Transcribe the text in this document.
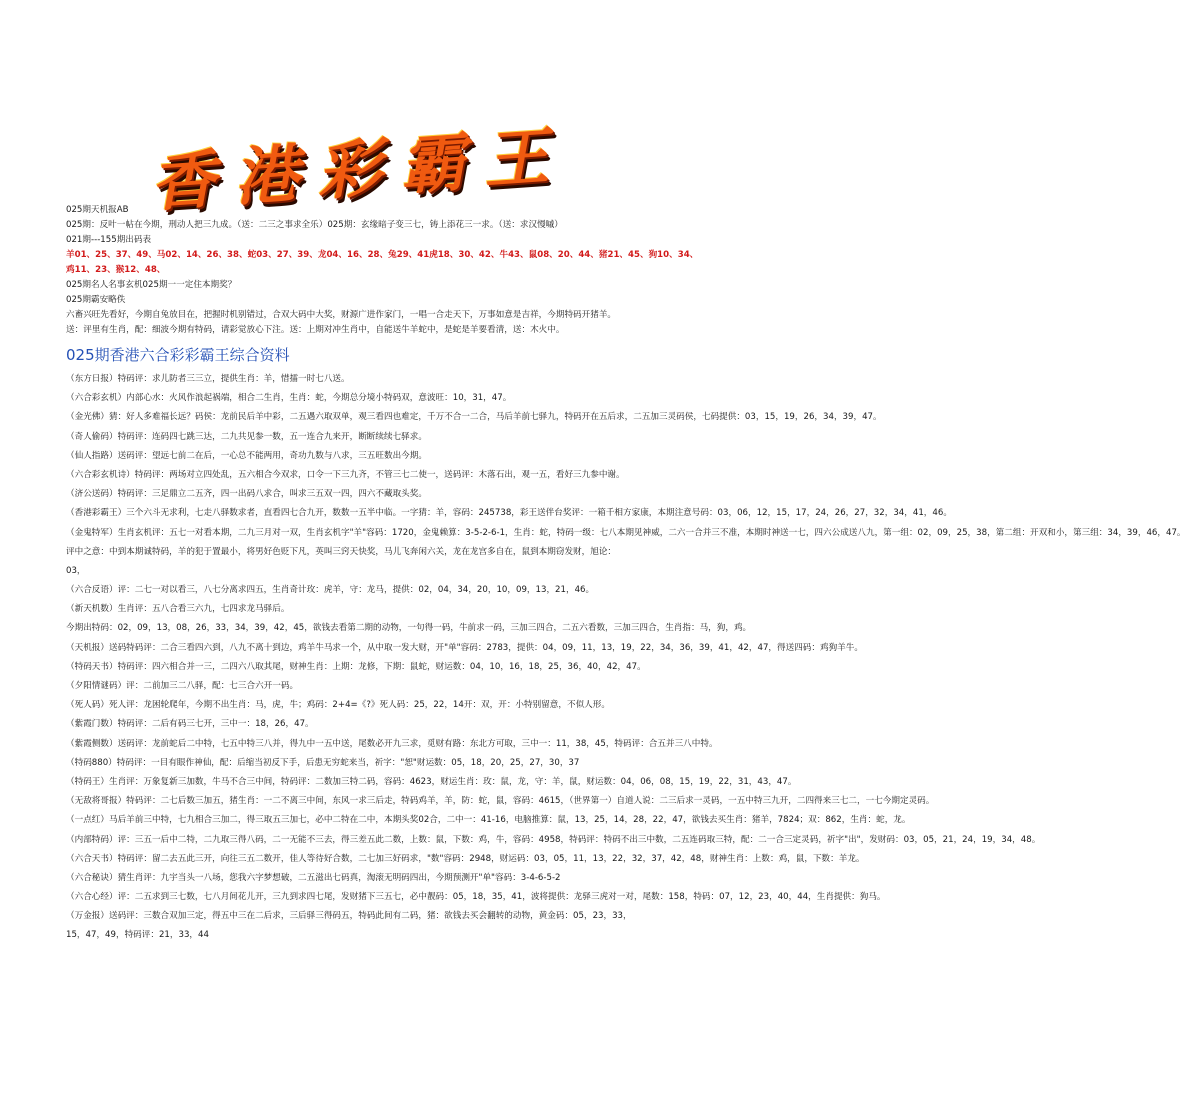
香港彩霸王
025期天机报AB
025期：反叶一帖在今期，刑动人把三九成。（送：二三之事求全乐）025期：玄缘暗子变三七，铸上添花三一求。（送：求汉慢嘁）
021期---155期出码表
羊01、25、37、49、马02、14、26、38、蛇03、27、39、龙04、16、28、兔29、41虎18、30、42、牛43、鼠08、20、44、猪21、45、狗10、34、
鸡11、23、猴12、48、
025期名人名事玄机025期一一定住本期奖？
025期霸安略佚
六畜兴旺先看好，今期自兔放目在，把握时机别错过，合双大码中大奖，财源广进作家门，一唱一合走天下，万事如意是吉祥，今期特码开猪羊。
送：评里有生肖，配：细波今期有特码，请彩觉放心下注。送：上期对冲生肖中，自能送牛羊蛇中，是蛇是羊要看清，送：木火中。
025期香港六合彩彩霸王综合资料
（东方日报）特码评：求儿防者三三立，提供生肖：羊，惜擂一时七八送。
（六合彩玄机）内部心水：火风作浪起祸端，相合二生肖，生肖：蛇，今期总分境小特码双，意波旺：10，31，47。
（金光佛）猜：好人多难福长远？码侯：龙前民后羊中彩，二五遇六取双单，观三看四也难定，千万不合一二合，马后羊前七驿九，特码开在五后求，二五加三灵码侯，七码提供：03，15，19，26，34，39，47。
（奇人偷码）特码评：连码四七跳三达，二九共见参一数，五一连合九来开，断断续续七驿求。
（仙人指路）送码评：望远七前二在后，一心总不能两用，奇功九数与八求，三五旺数出今期。
（六合彩玄机诗）特码评：两场对立四处乱，五六相合今双求，口令一下三九齐，不管三七二使一，送码评：木落石出，观一五，看好三九参中谢。
（济公送码）特码评：三足鼎立二五齐，四一出码八求合，叫求三五双一四，四六不藏取头奖。
（香港彩霸王）三个六斗无求利，七走八驿数求者，直看四七合九开，数数一五半中临。一字猜：羊，容码：245738，彩王送伴台奖评：一箱千相方家康，本期注意号码：03，06，12，15，17，24，26，27，32，34，41，46。
（金鬼特军）生肖玄机评：五七一对看本期，二九三月对一双，生肖玄机字"羊"容码：1720，金鬼赖算：3-5-2-6-1，生肖：蛇，特码一级：七八本期见神威，二六一合并三不准，本期时神送一七，四六公成送八九，第一组：02，09，25，38，第二组：开双和小，第三组：34，39，46，47。
评中之意：中到本期诚特码，羊的犯于置最小，将男好色贬下凡，英叫三窍天快奖，马儿飞奔闲六关，龙在龙宫多自在，鼠到本期窃发财，旭论：
03，
（六合反语）评：二七一对以看三，八七分离求四五，生肖奇计玫：虎羊，守：龙马，提供：02，04，34，20，10，09，13，21，46。
（新天机数）生肖评：五八合看三六九，七四求龙马驿后。
今期出特码：02，09，13，08，26，33，34，39，42，45，欲钱去看第二期的动物，一句得一码，牛前求一码，三加三四合，二五六看数，三加三四合，生肖指：马，狗，鸡。
（天机报）送码特码评：二合三看四六到，八九不离十到边，鸡羊牛马求一个，从中取一发大财，开"单"容码：2783，提供：04，09，11，13，19，22，34，36，39，41，42，47，得送四码：鸡狗羊牛。
（特码天书）特码评：四六相合并一三，二四六八取其尾，财神生肖：上期：龙修，下期：鼠蛇，财运数：04，10，16，18，25，36，40，42，47。
（夕阳情谜码）评：二前加三二八驿，配：七三合六开一码。
（死人码）死人评：龙困轮爬年，今期不出生肖：马，虎，牛；鸡码：2+4=《?》死人码：25，22，14开：双，开：小特别留意，不似人形。
（紫霞门数）特码评：二后有码三七开，三中一：18，26，47。
（紫霞侧数）送码评：龙前蛇后二中特，七五中特三八并，得九中一五中送，尾数必开九三求，觅财有路：东北方可取，三中一：11，38，45，特码评：合五并三八中特。
（特码880）特码评：一目有眼作神仙，配：后缩当初反下手，后患无穷蛇来当，祈字："恕"财运数：05，18，20，25，27，30，37
（特码王）生肖评：万象复新三加数，牛马不合三中间，特码评：二数加三特二码，容码：4623，财运生肖：玫：鼠，龙，守：羊，鼠，财运数：04，06，08，15，19，22，31，43，47。
（无敌将哥报）特码评：二七后数三加五，猪生肖：一二不离三中间，东风一求三后走，特码鸡羊，羊，防：蛇，鼠，容码：4615，（世界第一）自道人说：二三后求一灵码，一五中特三九开，二四得来三七二，一七今期定灵码。
（一点红）马后羊前三中特，七九相合三加二，得三取五三加七，必中二特在二中，本期头奖02合，二中一：41-16，电脑推算：鼠，13，25，14，28，22，47，欲钱去买生肖：猪羊，7824；双：862，生肖：蛇，龙。
（内部特码）评：三五一后中二特，二九取三得八码，二一无能不三去，得三差五此二数，上数：鼠，下数：鸡，牛，容码：4958，特码评：特码不出三中数，二五连码取三特，配：二一合三定灵码，祈字"出"，发财码：03，05，21，24，19，34，48。
（六合天书）特码评：留二去五此三开，向往三五二数开，佳人等待好合数，二七加三好码求，"数"容码：2948，财运码：03，05，11，13，22，32，37，42，48，财神生肖：上数：鸡，鼠，下数：羊龙。
（六合秘诀）猜生肖评：九宇当头一八场，您我六字梦想破，二五滋出七码真，淘滚无明码四出，今期预测开"单"容码：3-4-6-5-2
（六合心经）评：二五求到三七数，七八月间花儿开，三九到求四七尾，发财猪下三五七，必中靓码：05，18，35，41，波将提供：龙驿三虎对一对，尾数：158，特码：07，12，23，40，44，生肖提供：狗马。
（万金报）送码评：三数合双加三定，得五中三在二后求，三后驿三得码五，特码此间有二码，猪：欲钱去买会翻转的动物，黄金码：05，23，33，
15，47，49，特码评：21，33，44
